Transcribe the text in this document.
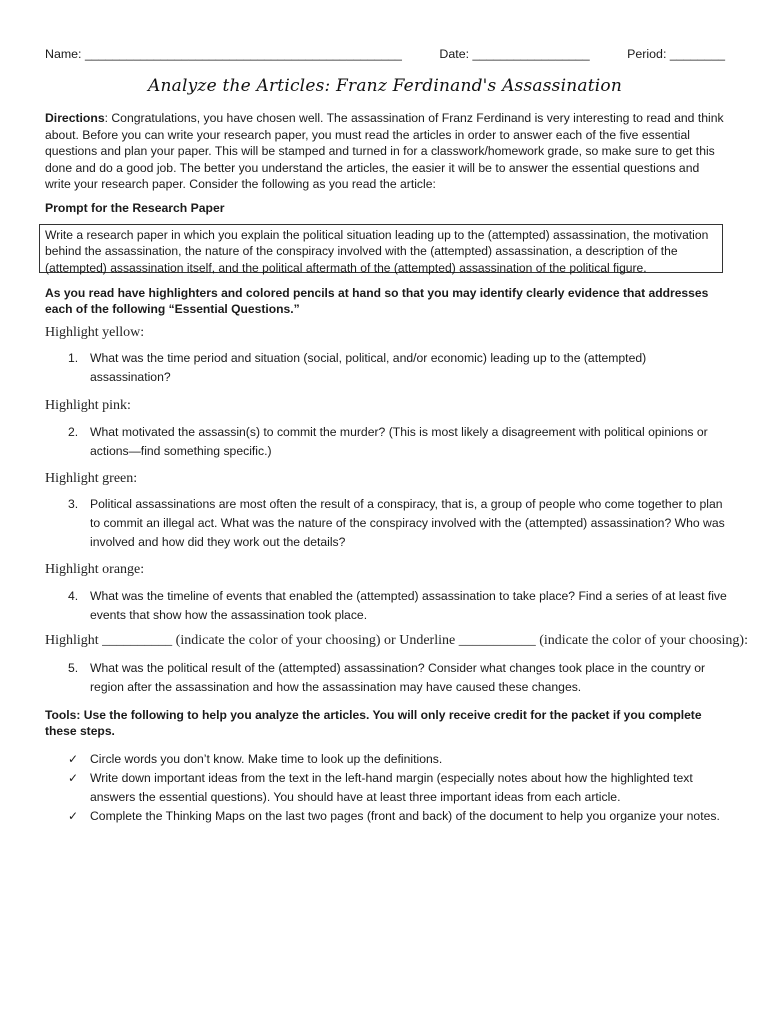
Name: ______________________________________________	Date: _________________	Period: ________
Analyze the Articles: Franz Ferdinand's Assassination
Directions: Congratulations, you have chosen well. The assassination of Franz Ferdinand is very interesting to read and think about. Before you can write your research paper, you must read the articles in order to answer each of the five essential questions and plan your paper. This will be stamped and turned in for a classwork/homework grade, so make sure to get this done and do a good job. The better you understand the articles, the easier it will be to answer the essential questions and write your research paper. Consider the following as you read the article:
Prompt for the Research Paper
Write a research paper in which you explain the political situation leading up to the (attempted) assassination, the motivation behind the assassination, the nature of the conspiracy involved with the (attempted) assassination, a description of the (attempted) assassination itself, and the political aftermath of the (attempted) assassination of the political figure.
As you read have highlighters and colored pencils at hand so that you may identify clearly evidence that addresses each of the following “Essential Questions.”
Highlight yellow:
1. What was the time period and situation (social, political, and/or economic) leading up to the (attempted) assassination?
Highlight pink:
2. What motivated the assassin(s) to commit the murder? (This is most likely a disagreement with political opinions or actions—find something specific.)
Highlight green:
3. Political assassinations are most often the result of a conspiracy, that is, a group of people who come together to plan to commit an illegal act. What was the nature of the conspiracy involved with the (attempted) assassination? Who was involved and how did they work out the details?
Highlight orange:
4. What was the timeline of events that enabled the (attempted) assassination to take place? Find a series of at least five events that show how the assassination took place.
Highlight __________ (indicate the color of your choosing) or Underline ___________ (indicate the color of your choosing):
5. What was the political result of the (attempted) assassination? Consider what changes took place in the country or region after the assassination and how the assassination may have caused these changes.
Tools: Use the following to help you analyze the articles. You will only receive credit for the packet if you complete these steps.
✓ Circle words you don’t know. Make time to look up the definitions.
✓ Write down important ideas from the text in the left-hand margin (especially notes about how the highlighted text answers the essential questions). You should have at least three important ideas from each article.
✓ Complete the Thinking Maps on the last two pages (front and back) of the document to help you organize your notes.
